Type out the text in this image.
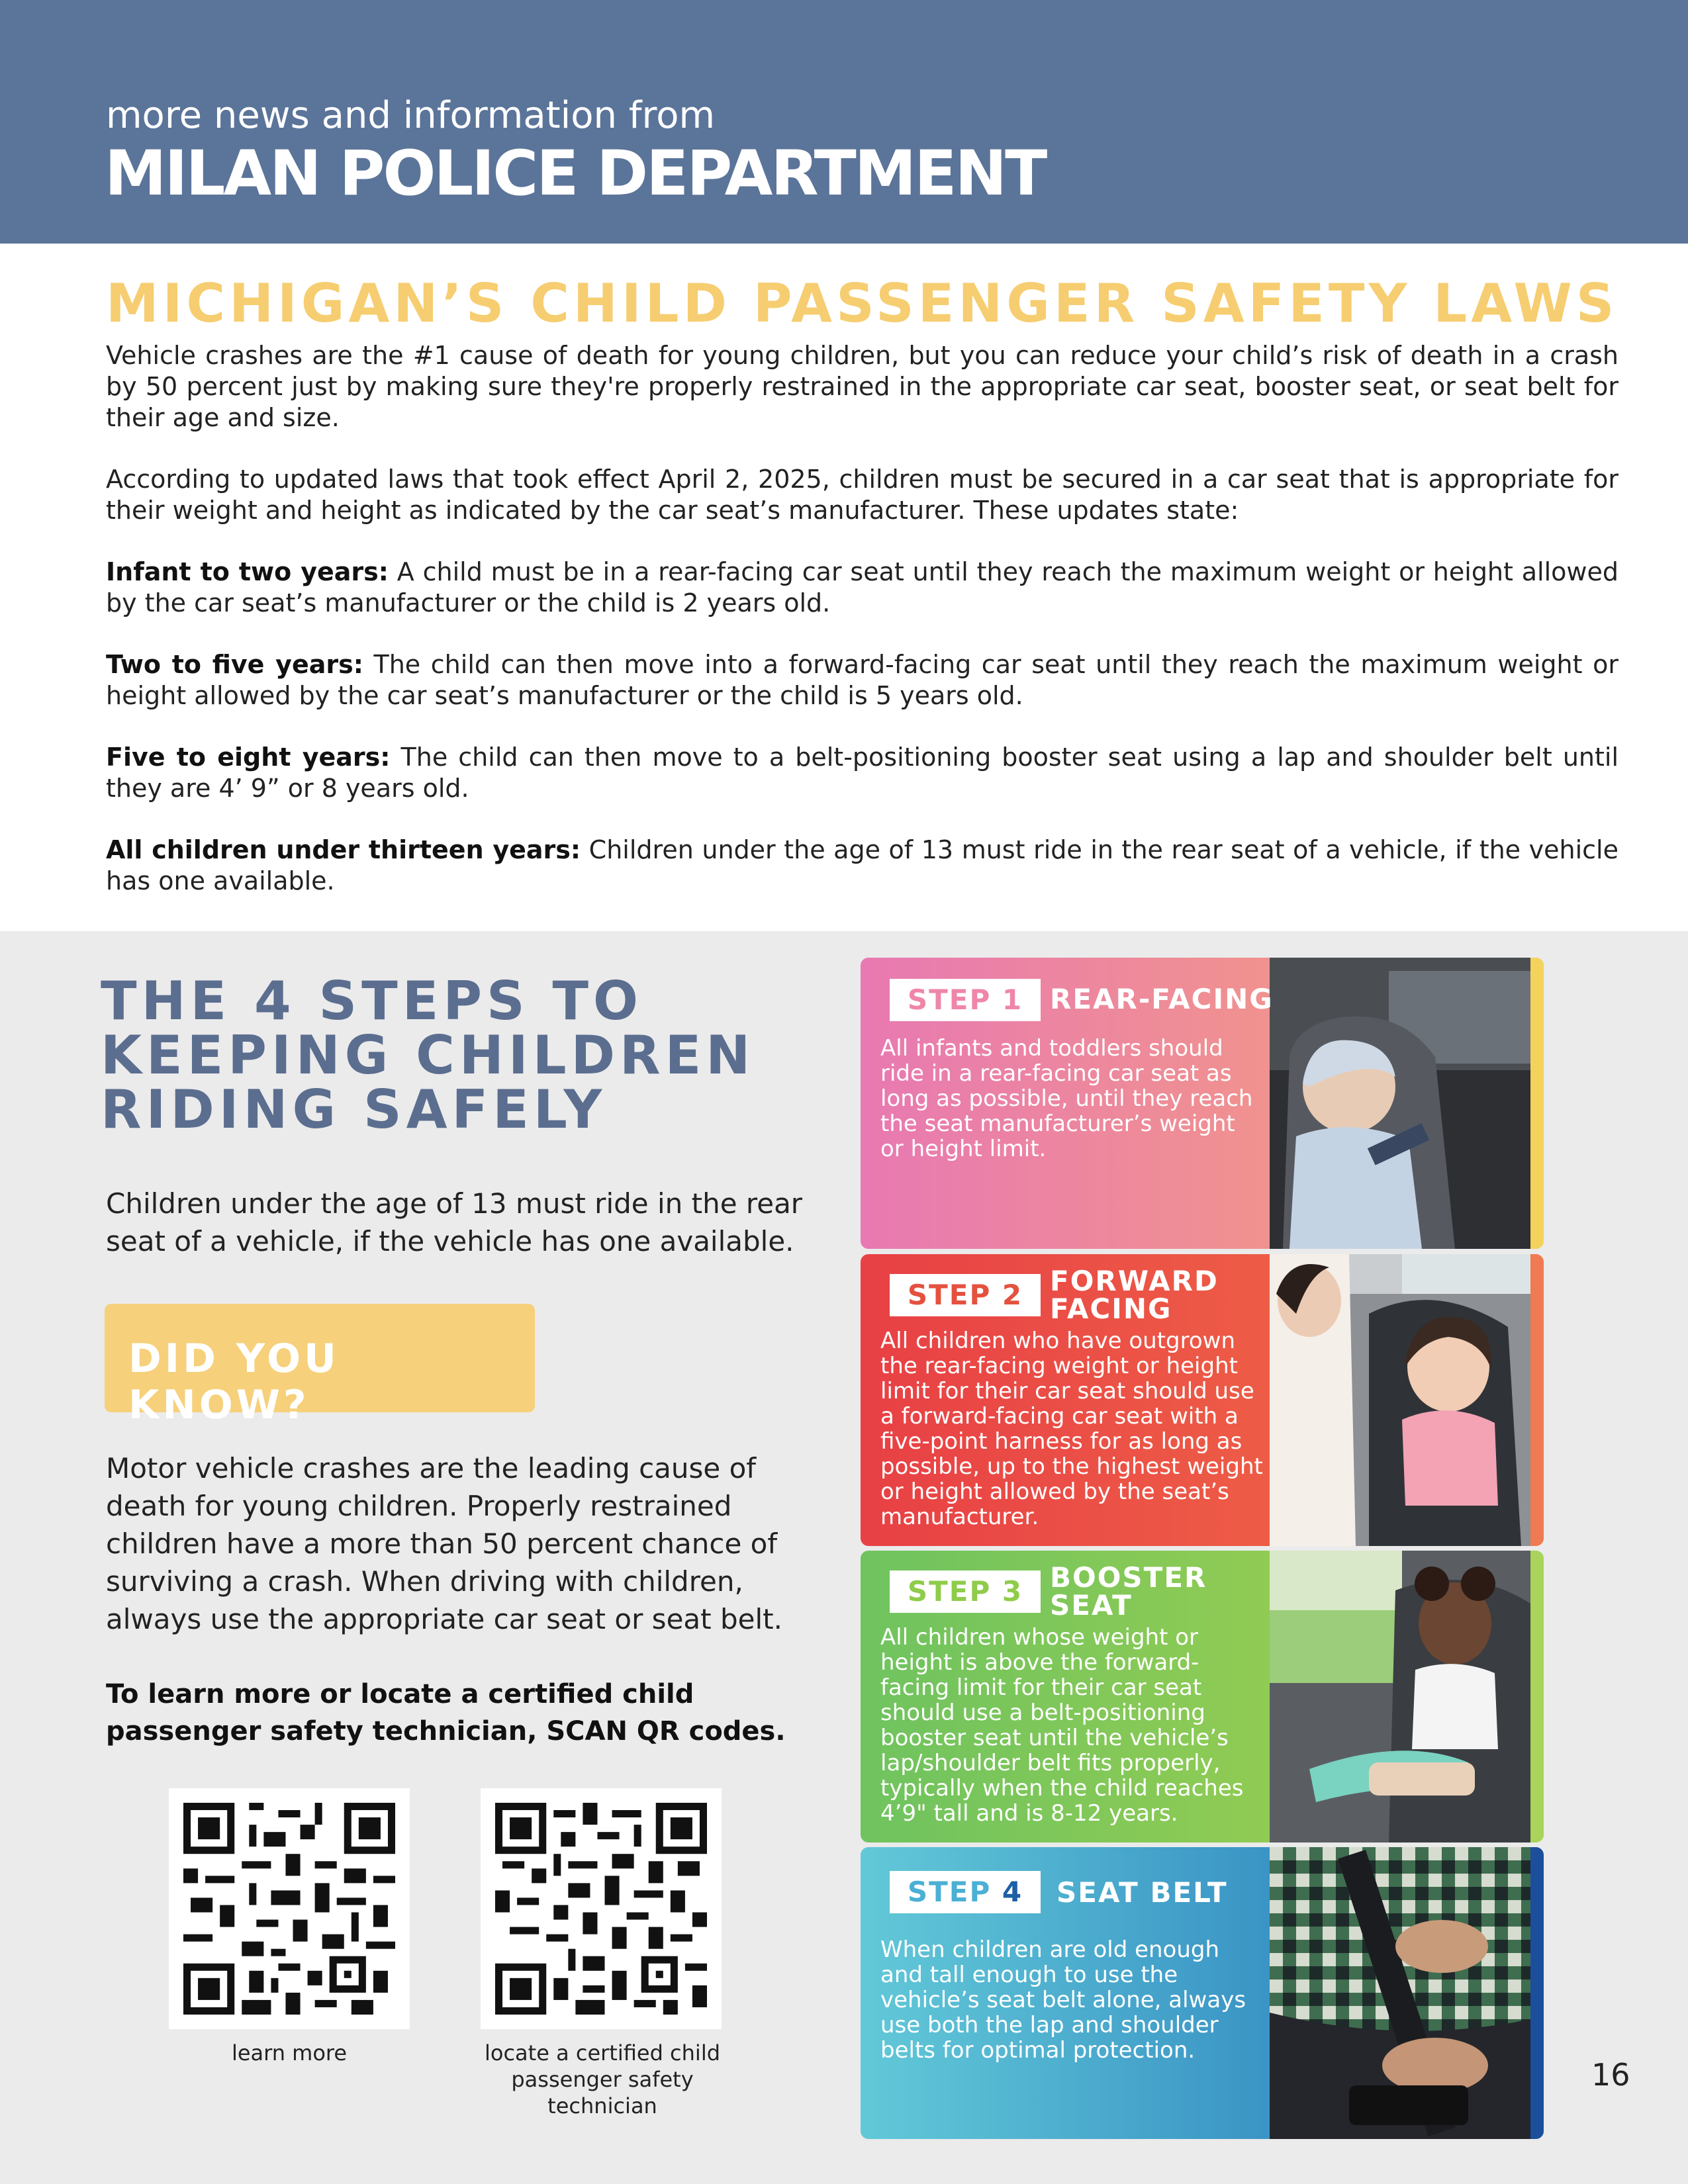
more news and information from
MILAN POLICE DEPARTMENT
MICHIGAN’S CHILD PASSENGER SAFETY LAWS

Vehicle crashes are the #1 cause of death for young children, but you can reduce your child’s risk of death in a crash by 50 percent just by making sure they're properly restrained in the appropriate car seat, booster seat, or seat belt for their age and size.

According to updated laws that took effect April 2, 2025, children must be secured in a car seat that is appropriate for their weight and height as indicated by the car seat’s manufacturer. These updates state:

Infant to two years: A child must be in a rear-facing car seat until they reach the maximum weight or height allowed by the car seat’s manufacturer or the child is 2 years old.

Two to five years: The child can then move into a forward-facing car seat until they reach the maximum weight or height allowed by the car seat’s manufacturer or the child is 5 years old.

Five to eight years: The child can then move to a belt-positioning booster seat using a lap and shoulder belt until they are 4’ 9” or 8 years old.

All children under thirteen years: Children under the age of 13 must ride in the rear seat of a vehicle, if the vehicle has one available.

THE 4 STEPS TO KEEPING CHILDREN RIDING SAFELY
Children under the age of 13 must ride in the rear seat of a vehicle, if the vehicle has one available.
DID YOU KNOW?
Motor vehicle crashes are the leading cause of death for young children. Properly restrained children have a more than 50 percent chance of surviving a crash. When driving with children, always use the appropriate car seat or seat belt.
To learn more or locate a certified child passenger safety technician, SCAN QR codes.
learn more	locate a certified child passenger safety technician
STEP 1 REAR-FACING
All infants and toddlers should ride in a rear-facing car seat as long as possible, until they reach the seat manufacturer’s weight or height limit.
STEP 2 FORWARD FACING
All children who have outgrown the rear-facing weight or height limit for their car seat should use a forward-facing car seat with a five-point harness for as long as possible, up to the highest weight or height allowed by the seat’s manufacturer.
STEP 3 BOOSTER SEAT
All children whose weight or height is above the forward-facing limit for their car seat should use a belt-positioning booster seat until the vehicle’s lap/shoulder belt fits properly, typically when the child reaches 4’9" tall and is 8-12 years.
STEP 4	SEAT BELT
When children are old enough and tall enough to use the vehicle’s seat belt alone, always use both the lap and shoulder belts for optimal protection.
16
